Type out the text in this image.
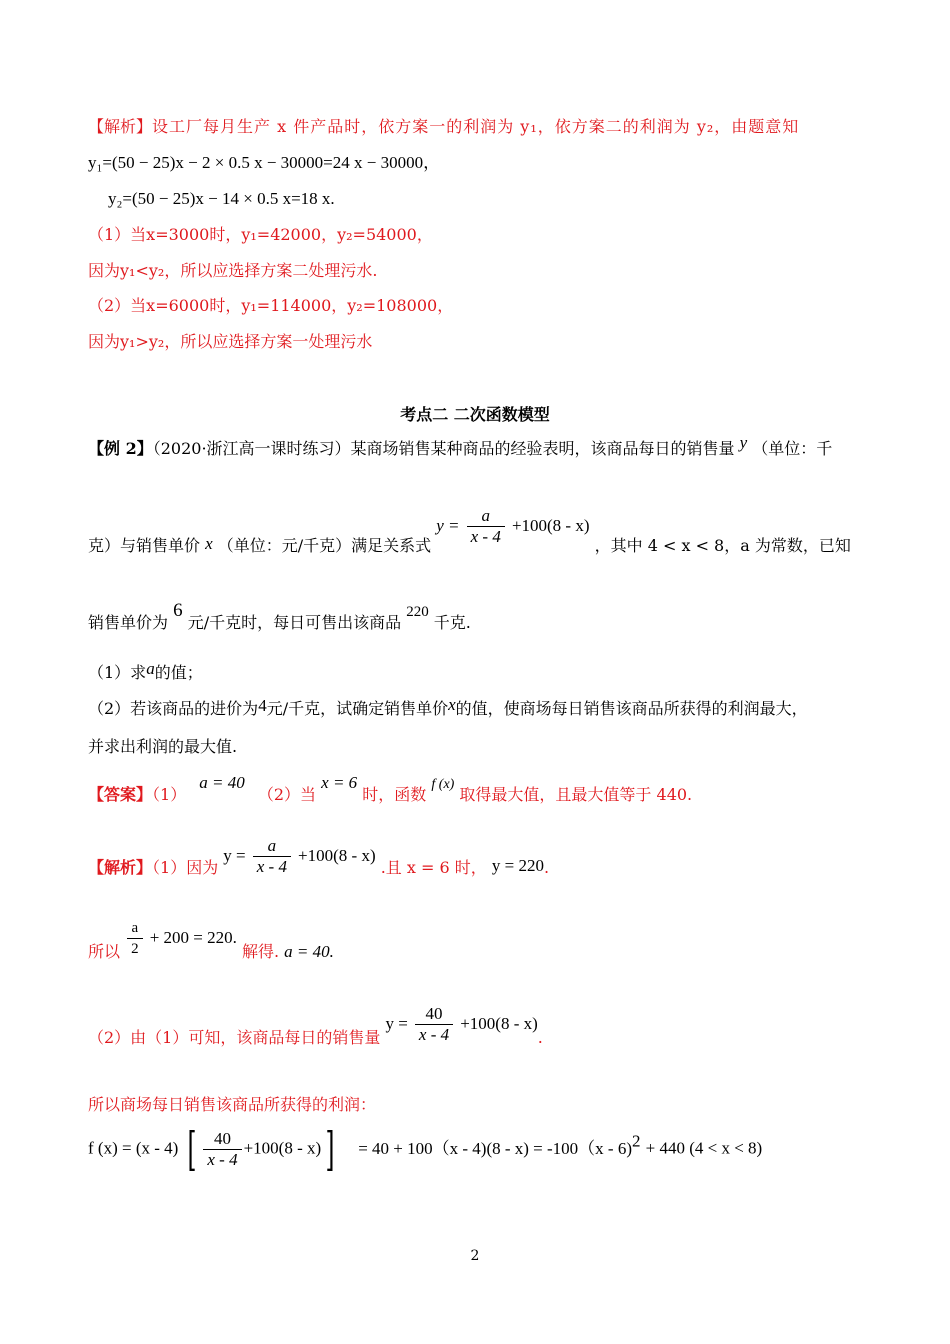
【解析】设工厂每月生产 x 件产品时，依方案一的利润为 y₁，依方案二的利润为 y₂，由题意知
y₁=(50 − 25)x − 2 × 0.5 x − 30000=24 x − 30000，
y₂=(50 − 25)x − 14 × 0.5 x=18 x.
（1）当x=3000时，y₁=42000，y₂=54000，
因为y₁<y₂，所以应选择方案二处理污水.
（2）当x=6000时，y₁=114000，y₂=108000，
因为y₁>y₂，所以应选择方案一处理污水
考点二 二次函数模型
【例 2】（2020·浙江高一课时练习）某商场销售某种商品的经验表明，该商品每日的销售量 y （单位：千
克）与销售单价 x （单位：元/千克）满足关系式 $y = \frac{a}{x - 4} +100(8 - x)$ ，其中 4 < x < 8，a 为常数，已知
销售单价为 6 元/千克时，每日可售出该商品 220 千克.
（1）求a的值；
（2）若该商品的进价为4元/千克，试确定销售单价x的值，使商场每日销售该商品所获得的利润最大，
并求出利润的最大值.
【答案】（1） a = 40 （2）当 x = 6 时，函数 f (x) 取得最大值，且最大值等于 440.
【解析】（1）因为 $y = \frac{a}{x - 4} +100(8 - x)$ .且 x = 6 时， y = 220.
所以 $\frac{a}{2} + 200 = 220$. 解得. a = 40.
（2）由（1）可知，该商品每日的销售量 $y = \frac{40}{x - 4} +100(8 - x)$.
所以商场每日销售该商品所获得的利润：
f (x) = (x - 4) [ $\frac{40}{x - 4} +100(8 - x)] = 40 + 100(x - 4)(8 - x) = -100(x - 6)^2 + 440$ (4 < x < 8)
2
